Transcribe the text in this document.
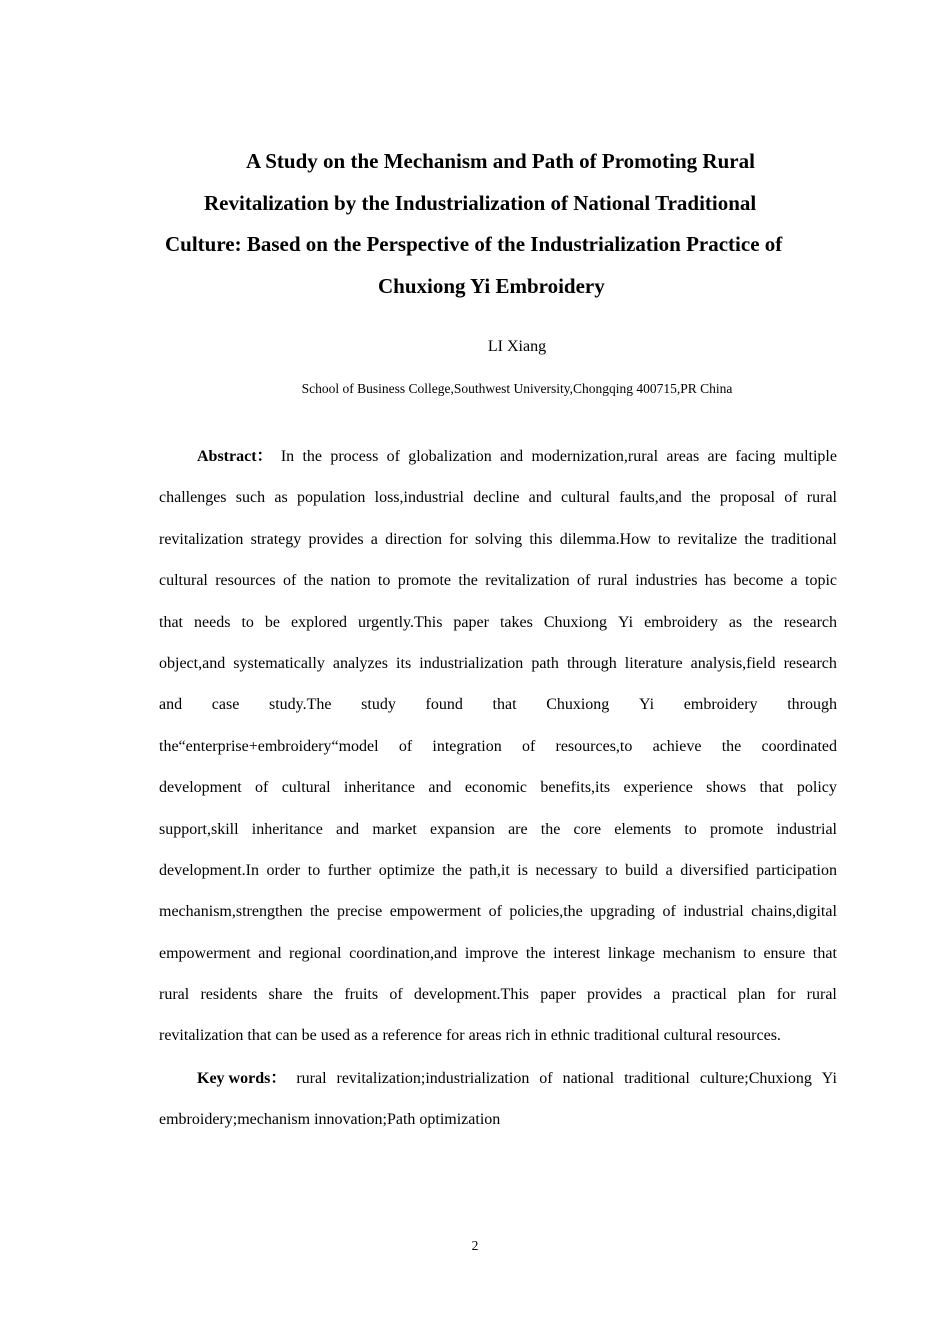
A Study on the Mechanism and Path of Promoting Rural
Revitalization by the Industrialization of National Traditional
Culture: Based on the Perspective of the Industrialization Practice of
Chuxiong Yi Embroidery
LI Xiang
School of Business College,Southwest University,Chongqing 400715,PR China
Abstract： In the process of globalization and modernization,rural areas are facing multiple
challenges such as population loss,industrial decline and cultural faults,and the proposal of rural
revitalization strategy provides a direction for solving this dilemma.How to revitalize the traditional
cultural resources of the nation to promote the revitalization of rural industries has become a topic
that needs to be explored urgently.This paper takes Chuxiong Yi embroidery as the research
object,and systematically analyzes its industrialization path through literature analysis,field research
and case study.The study found that Chuxiong Yi embroidery through
the“enterprise+embroidery“model of integration of resources,to achieve the coordinated
development of cultural inheritance and economic benefits,its experience shows that policy
support,skill inheritance and market expansion are the core elements to promote industrial
development.In order to further optimize the path,it is necessary to build a diversified participation
mechanism,strengthen the precise empowerment of policies,the upgrading of industrial chains,digital
empowerment and regional coordination,and improve the interest linkage mechanism to ensure that
rural residents share the fruits of development.This paper provides a practical plan for rural
revitalization that can be used as a reference for areas rich in ethnic traditional cultural resources.
Key words： rural revitalization;industrialization of national traditional culture;Chuxiong Yi
embroidery;mechanism innovation;Path optimization
2
